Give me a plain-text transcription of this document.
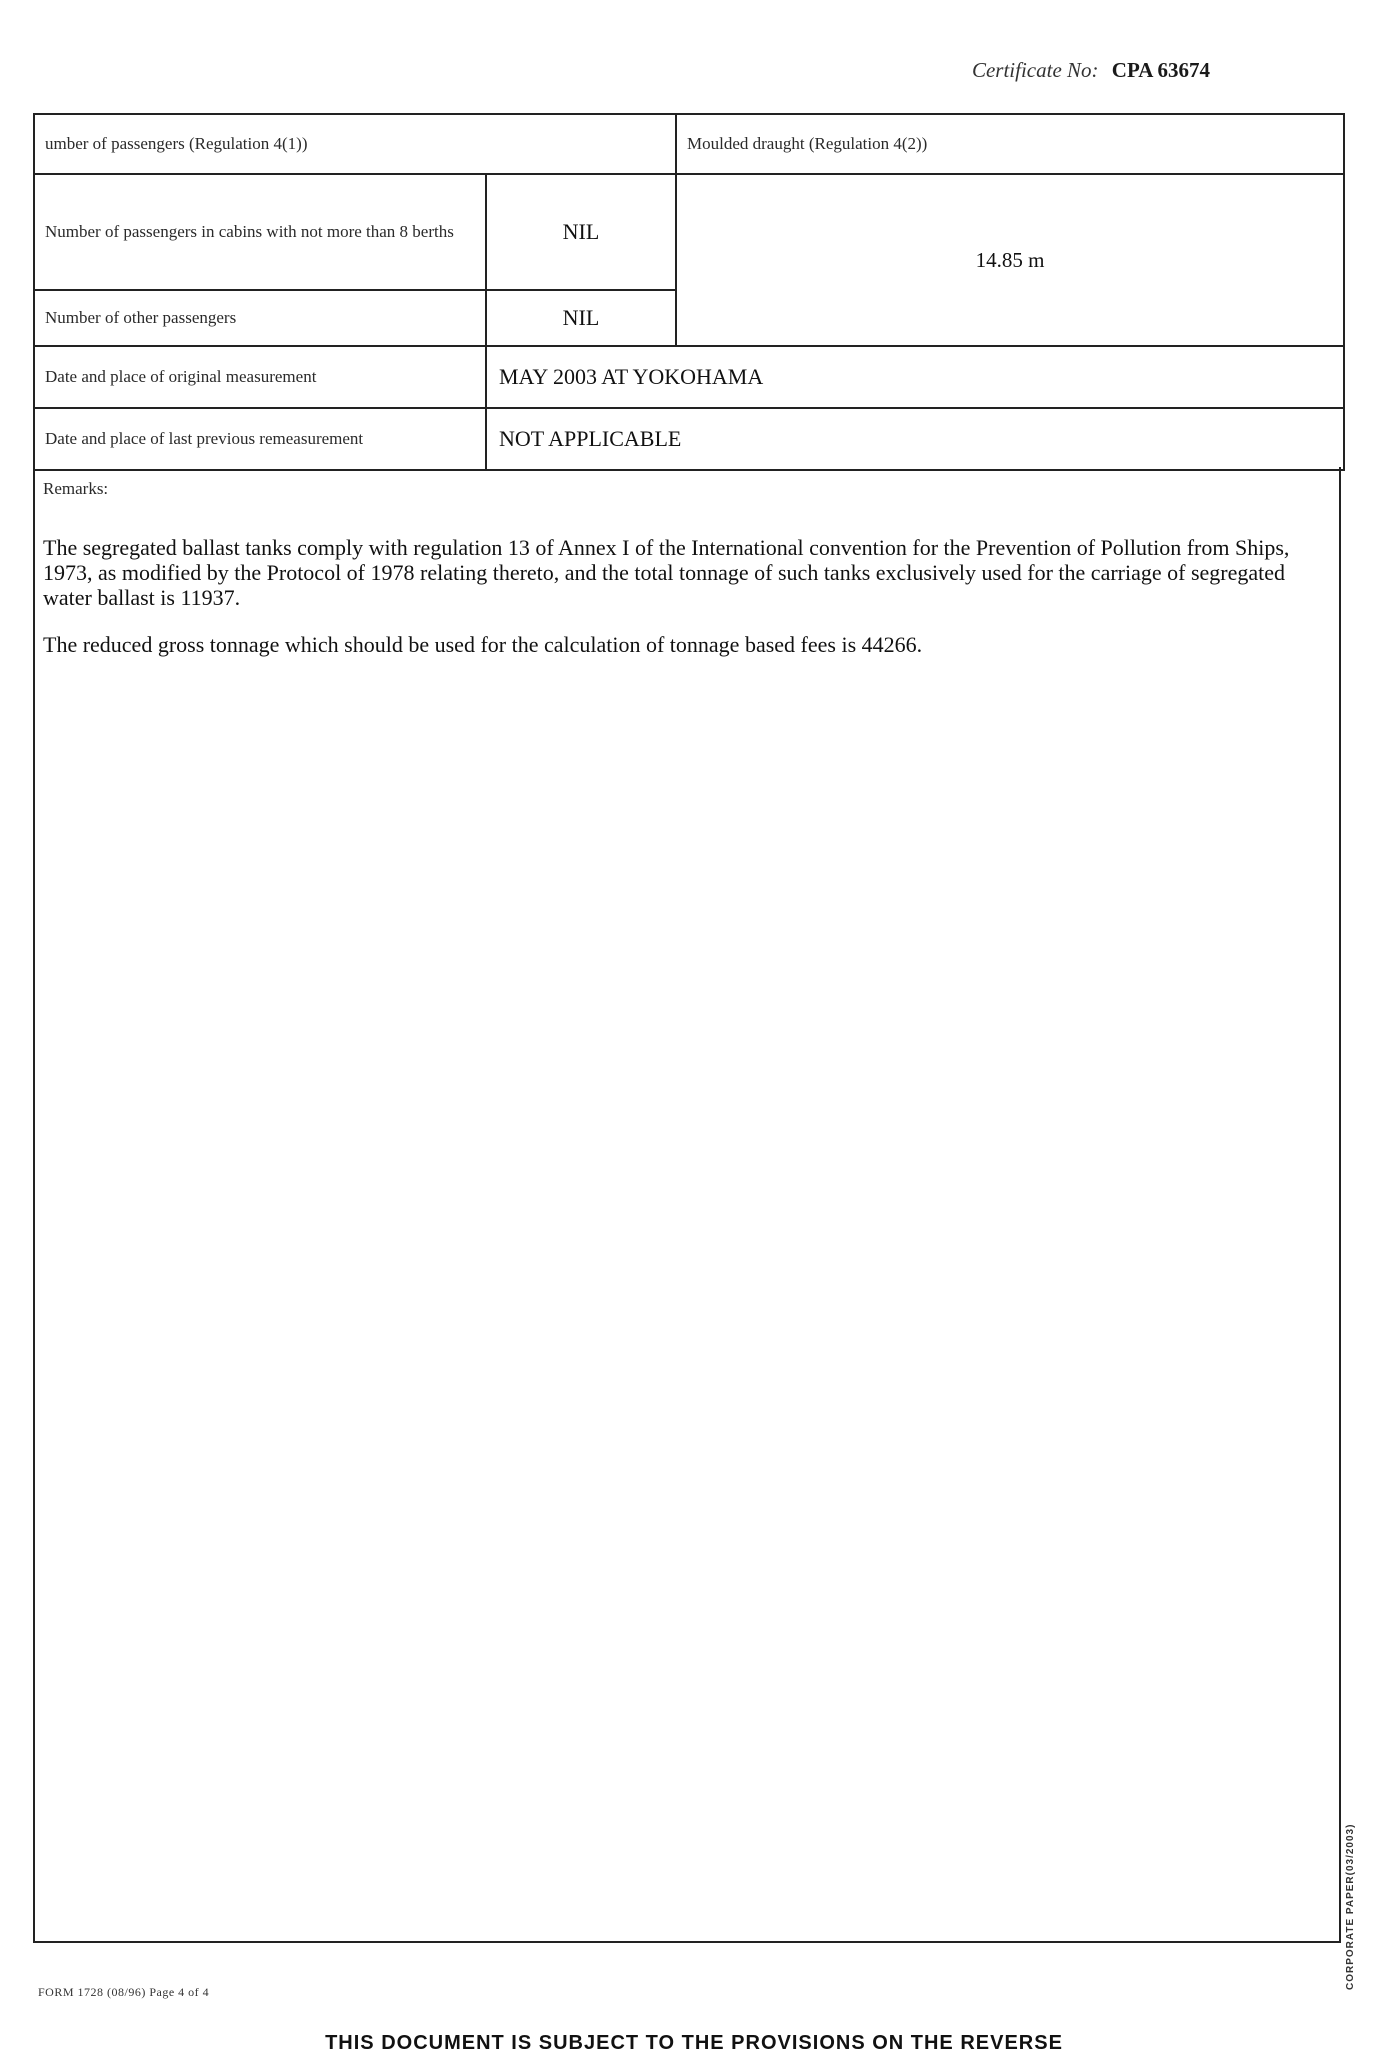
Certificate No: CPA 63674
umber of passengers (Regulation 4(1))		Moulded draught (Regulation 4(2))
Number of passengers in cabins with not more than 8 berths	NIL	14.85 m
Number of other passengers	NIL	
Date and place of original measurement	MAY 2003 AT YOKOHAMA	
Date and place of last previous remeasurement	NOT APPLICABLE	
Remarks:

The segregated ballast tanks comply with regulation 13 of Annex I of the International convention for the Prevention of Pollution from Ships, 1973, as modified by the Protocol of 1978 relating thereto, and the total tonnage of such tanks exclusively used for the carriage of segregated water ballast is 11937.

The reduced gross tonnage which should be used for the calculation of tonnage based fees is 44266.

FORM 1728 (08/96) Page 4 of 4
CORPORATE PAPER(03/2003)
THIS DOCUMENT IS SUBJECT TO THE PROVISIONS ON THE REVERSE
